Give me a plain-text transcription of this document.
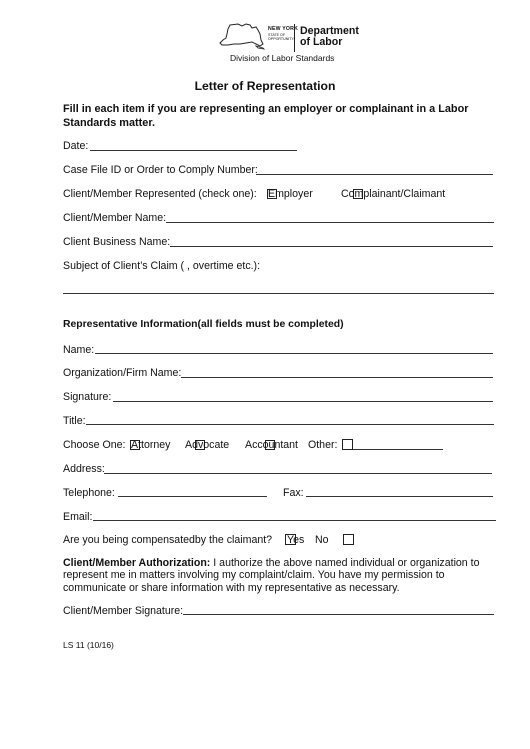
NEW YORK
STATE OF OPPORTUNITY.
Department
of Labor
Division of Labor Standards
Letter of Representation
Fill in each item if you are representing an employer or complainant in a Labor Standards matter.
Date:
Case File ID or Order to Comply Number:
Client/Member Represented (check one): Employer	Complainant/Claimant
Client/Member Name:
Client Business Name:
Subject of Client’s Claim ( , overtime etc.):
Representative Information(all fields must be completed)
Name:
Organization/Firm Name:
Signature:
Title:
Choose One: Attorney Advocate Accountant Other:
Address:
Telephone:	Fax:
Email:
Are you being compensatedby the claimant? Yes No
Client/Member Authorization: I authorize the above named individual or organization to represent me in matters involving my complaint/claim. You have my permission to communicate or share information with my representative as necessary.
Client/Member Signature:
LS 11 (10/16)
